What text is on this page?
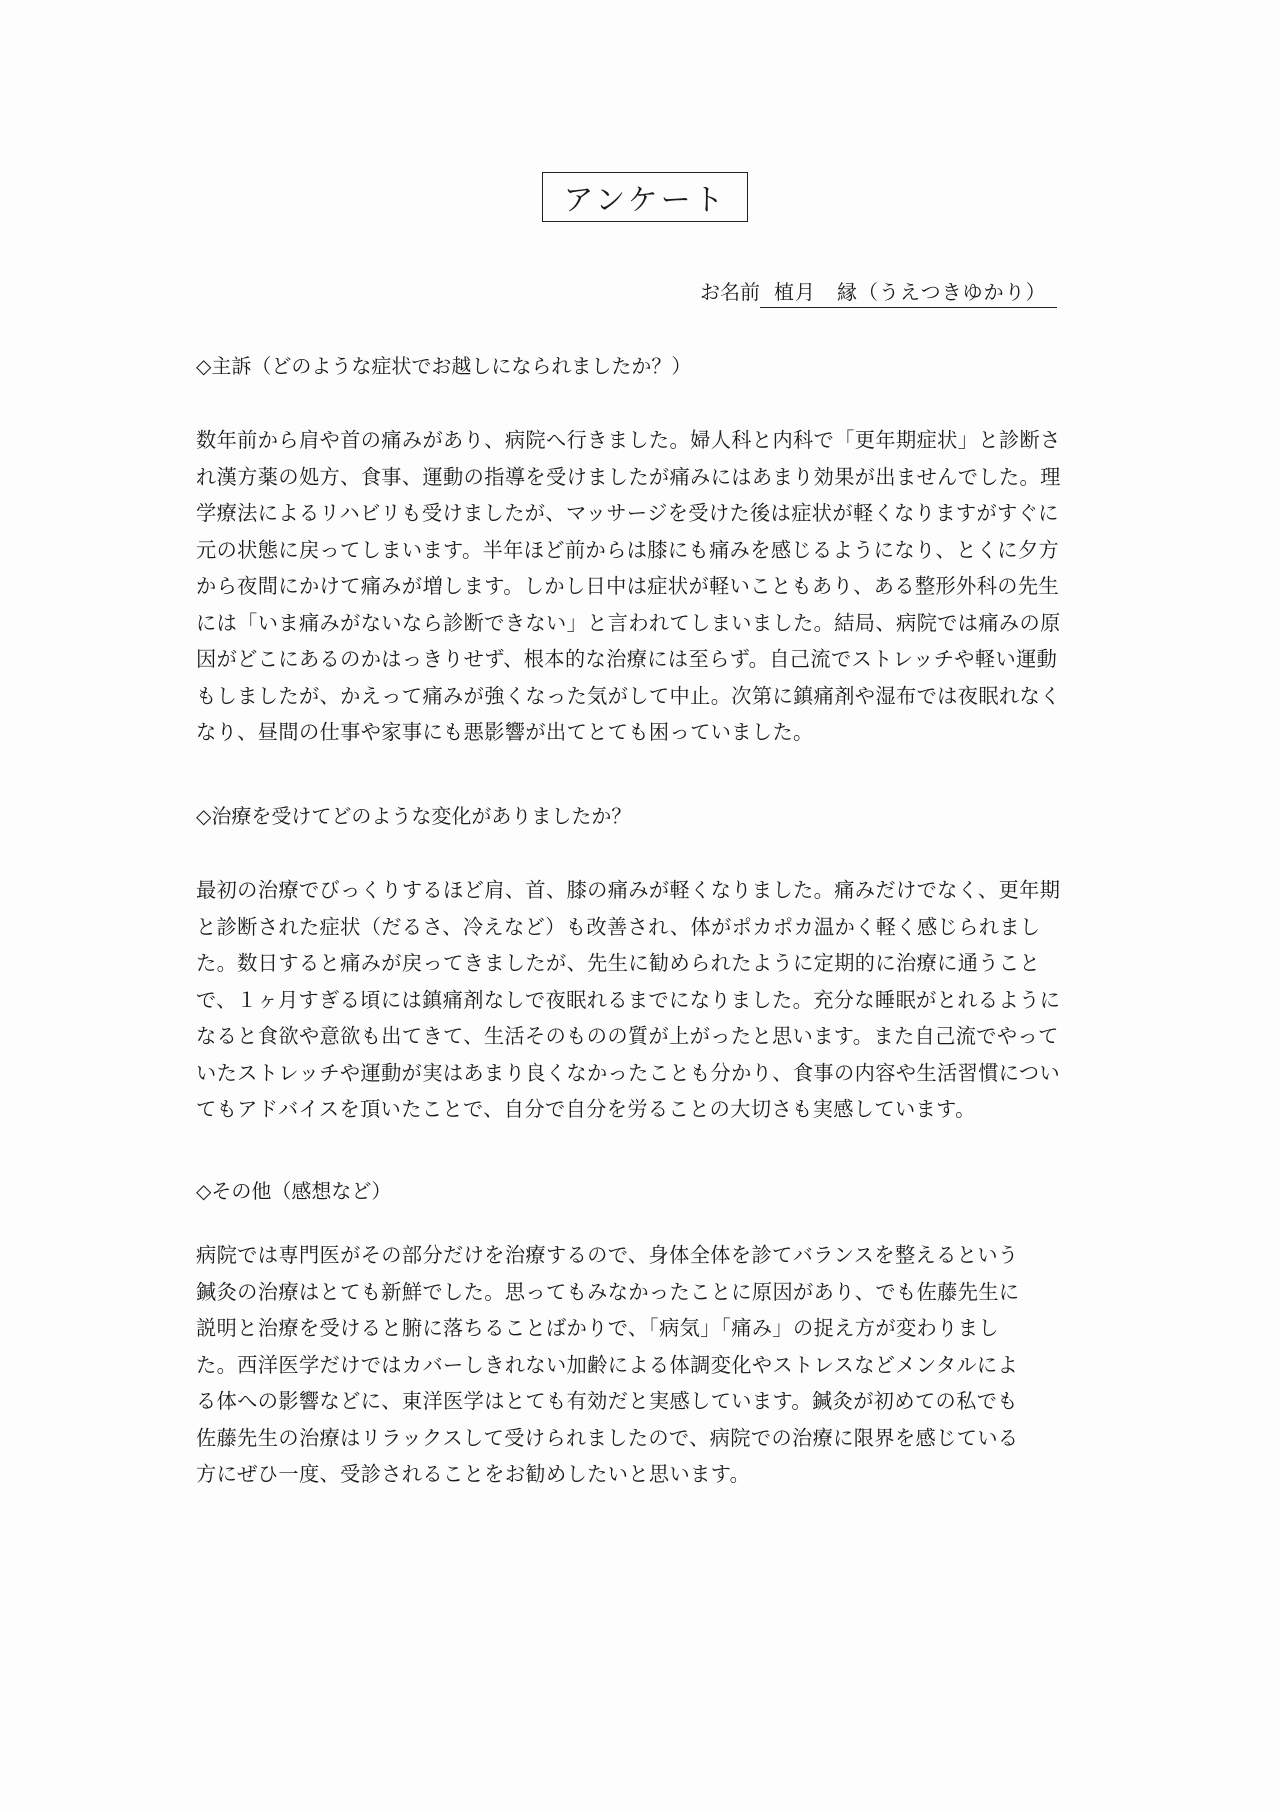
アンケート
お名前 植月　縁（うえつきゆかり）
◇主訴（どのような症状でお越しになられましたか？）
数年前から肩や首の痛みがあり、病院へ行きました。婦人科と内科で「更年期症状」と診断さ
れ漢方薬の処方、食事、運動の指導を受けましたが痛みにはあまり効果が出ませんでした。理
学療法によるリハビリも受けましたが、マッサージを受けた後は症状が軽くなりますがすぐに
元の状態に戻ってしまいます。半年ほど前からは膝にも痛みを感じるようになり、とくに夕方
から夜間にかけて痛みが増します。しかし日中は症状が軽いこともあり、ある整形外科の先生
には「いま痛みがないなら診断できない」と言われてしまいました。結局、病院では痛みの原
因がどこにあるのかはっきりせず、根本的な治療には至らず。自己流でストレッチや軽い運動
もしましたが、かえって痛みが強くなった気がして中止。次第に鎮痛剤や湿布では夜眠れなく
なり、昼間の仕事や家事にも悪影響が出てとても困っていました。
◇治療を受けてどのような変化がありましたか？
最初の治療でびっくりするほど肩、首、膝の痛みが軽くなりました。痛みだけでなく、更年期
と診断された症状（だるさ、冷えなど）も改善され、体がポカポカ温かく軽く感じられまし
た。数日すると痛みが戻ってきましたが、先生に勧められたように定期的に治療に通うこと
で、１ヶ月すぎる頃には鎮痛剤なしで夜眠れるまでになりました。充分な睡眠がとれるように
なると食欲や意欲も出てきて、生活そのものの質が上がったと思います。また自己流でやって
いたストレッチや運動が実はあまり良くなかったことも分かり、食事の内容や生活習慣につい
てもアドバイスを頂いたことで、自分で自分を労ることの大切さも実感しています。
◇その他（感想など）
病院では専門医がその部分だけを治療するので、身体全体を診てバランスを整えるという
鍼灸の治療はとても新鮮でした。思ってもみなかったことに原因があり、でも佐藤先生に
説明と治療を受けると腑に落ちることばかりで、「病気」「痛み」の捉え方が変わりまし
た。西洋医学だけではカバーしきれない加齢による体調変化やストレスなどメンタルによ
る体への影響などに、東洋医学はとても有効だと実感しています。鍼灸が初めての私でも
佐藤先生の治療はリラックスして受けられましたので、病院での治療に限界を感じている
方にぜひ一度、受診されることをお勧めしたいと思います。
